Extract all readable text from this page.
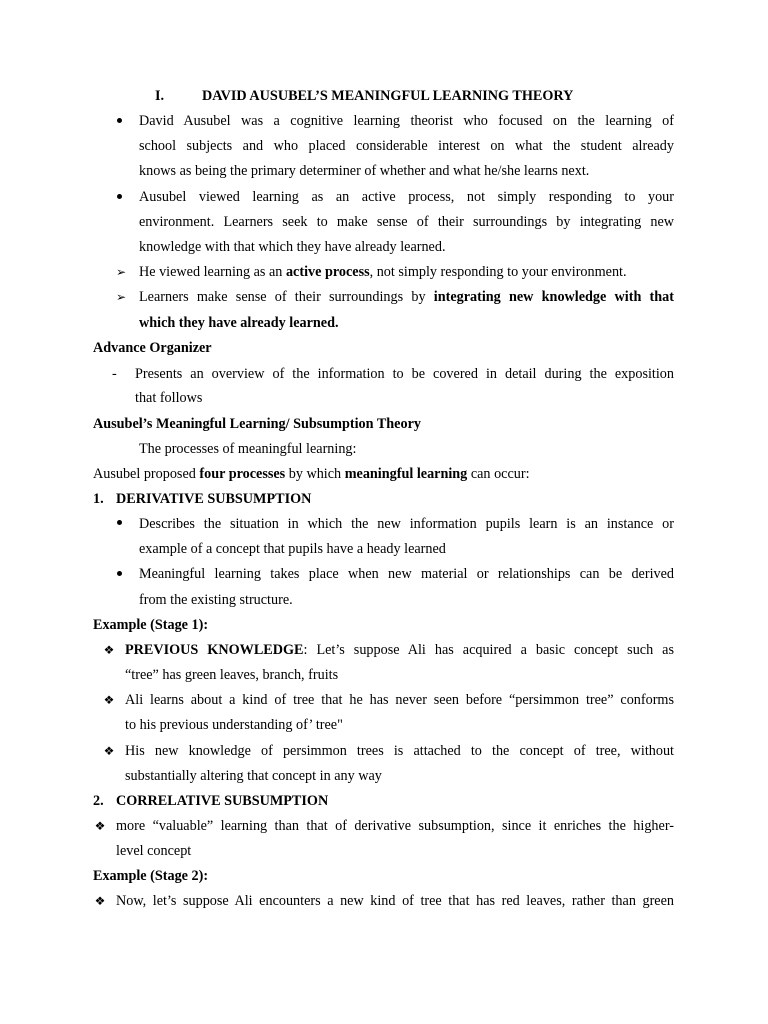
I.	DAVID AUSUBEL’S MEANINGFUL LEARNING THEORY
David Ausubel was a cognitive learning theorist who focused on the learning of
school subjects and who placed considerable interest on what the student already
knows as being the primary determiner of whether and what he/she learns next.
Ausubel viewed learning as an active process, not simply responding to your
environment. Learners seek to make sense of their surroundings by integrating new
knowledge with that which they have already learned.
➢ He viewed learning as an active process, not simply responding to your environment.
➢ Learners make sense of their surroundings by integrating new knowledge with that
which they have already learned.
Advance Organizer
- Presents an overview of the information to be covered in detail during the exposition
that follows
Ausubel’s Meaningful Learning/ Subsumption Theory
The processes of meaningful learning:
Ausubel proposed four processes by which meaningful learning can occur:
1. DERIVATIVE SUBSUMPTION
Describes the situation in which the new information pupils learn is an instance or
example of a concept that pupils have a heady learned
Meaningful learning takes place when new material or relationships can be derived
from the existing structure.
Example (Stage 1):
❖ PREVIOUS KNOWLEDGE: Let’s suppose Ali has acquired a basic concept such as
“tree” has green leaves, branch, fruits
❖ Ali learns about a kind of tree that he has never seen before “persimmon tree” conforms
to his previous understanding of’ tree"
❖ His new knowledge of persimmon trees is attached to the concept of tree, without
substantially altering that concept in any way
2. CORRELATIVE SUBSUMPTION
❖ more “valuable” learning than that of derivative subsumption, since it enriches the higher-
level concept
Example (Stage 2):
❖ Now, let’s suppose Ali encounters a new kind of tree that has red leaves, rather than green
